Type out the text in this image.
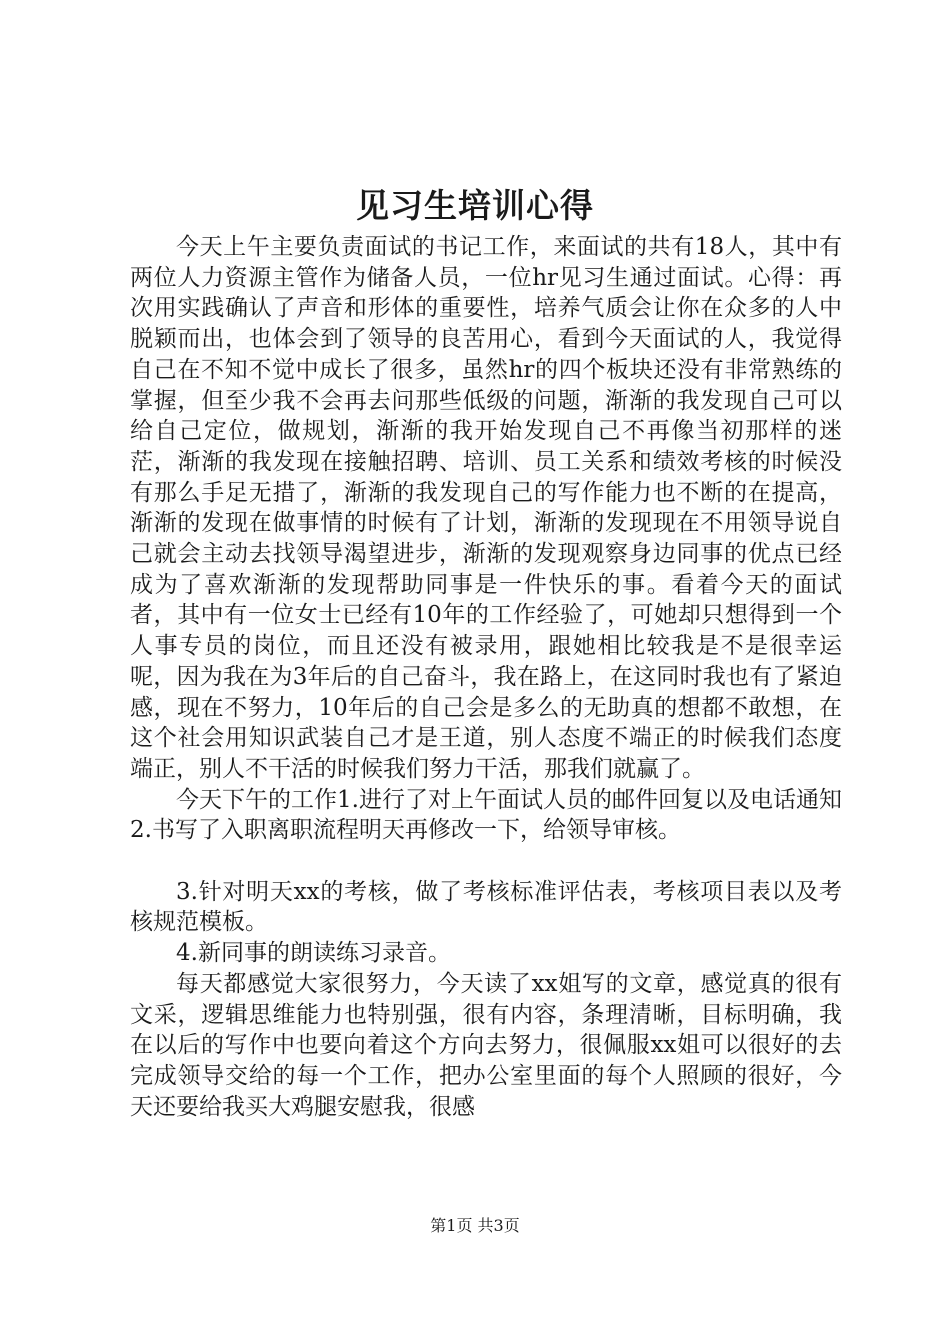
见习生培训心得

今天上午主要负责面试的书记工作，来面试的共有18人，其中有两位人力资源主管作为储备人员，一位hr见习生通过面试。心得：再次用实践确认了声音和形体的重要性，培养气质会让你在众多的人中脱颖而出，也体会到了领导的良苦用心，看到今天面试的人，我觉得自己在不知不觉中成长了很多，虽然hr的四个板块还没有非常熟练的掌握，但至少我不会再去问那些低级的问题，渐渐的我发现自己可以给自己定位，做规划，渐渐的我开始发现自己不再像当初那样的迷茫，渐渐的我发现在接触招聘、培训、员工关系和绩效考核的时候没有那么手足无措了，渐渐的我发现自己的写作能力也不断的在提高，渐渐的发现在做事情的时候有了计划，渐渐的发现现在不用领导说自己就会主动去找领导渴望进步，渐渐的发现观察身边同事的优点已经成为了喜欢渐渐的发现帮助同事是一件快乐的事。看着今天的面试者，其中有一位女士已经有10年的工作经验了，可她却只想得到一个人事专员的岗位，而且还没有被录用，跟她相比较我是不是很幸运呢，因为我在为3年后的自己奋斗，我在路上，在这同时我也有了紧迫感，现在不努力，10年后的自己会是多么的无助真的想都不敢想，在这个社会用知识武装自己才是王道，别人态度不端正的时候我们态度端正，别人不干活的时候我们努力干活，那我们就赢了。

今天下午的工作1.进行了对上午面试人员的邮件回复以及电话通知2.书写了入职离职流程明天再修改一下，给领导审核。

3.针对明天xx的考核，做了考核标准评估表，考核项目表以及考核规范模板。

4.新同事的朗读练习录音。

每天都感觉大家很努力，今天读了xx姐写的文章，感觉真的很有文采，逻辑思维能力也特别强，很有内容，条理清晰，目标明确，我在以后的写作中也要向着这个方向去努力，很佩服xx姐可以很好的去完成领导交给的每一个工作，把办公室里面的每个人照顾的很好，今天还要给我买大鸡腿安慰我，很感

第1页 共3页
